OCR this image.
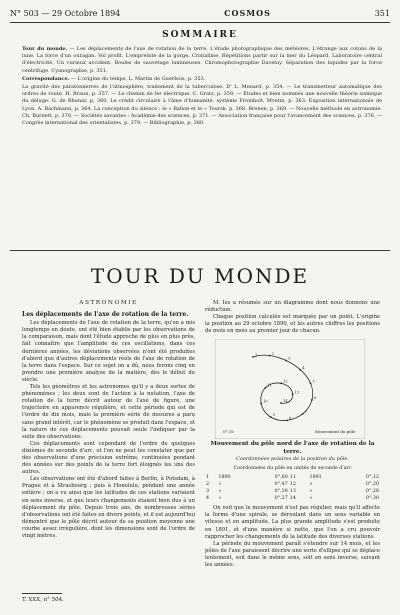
N° 503 — 29 Octobre 1894	COSMOS	351
SOMMAIRE

Tour du monde. — Les déplacements de l'axe de rotation de la terre. L'étude photographique des météores. L'étrange aux cotons de la lune. La force d'un ouragan. Vol profit. L'empreinte de la gorge. Cristalline. Répétitions partir sur la mer du Léopard. Laboratoire central d'électricité. Un curieux accident. Boules de sauvetage lumineuses. Chromophotographie Daveluy. Séparation des liquides par la force centrifuge. Cyanographie, p. 351.

Correspondance. — L'origine du temps, L. Martin de Guerbois, p. 353.

La gravité des paratonnerres de l'atmosphère, traitement de la tuberculose. D' L. Menard, p. 354. — Le transmetteur automatique des ordres de route. H. Braun, p. 357. — Le chemin de fer électrique. C. Gratz, p. 359. — Études et bien nommés une nouvelle théorie sismique du déluge. G. de Rhenar, p. 360. Le crédit circulaire à l'âme d'humanité, système Fromholt, Mvetm, p. 363. Exposition internationale de Lyon. A. Bachmann, p. 364. La conception du silence : le « Ballon et le » Toursk. p. 368. Brenen, p. 369. — Nouvelle méthode en astronomie. Ch. Burnett, p. 370. — Sociétés savantes : Académie des sciences, p. 371. — Association française pour l'avancement des sciences, p. 376. — Congrès international des orientalistes, p. 379. — Bibliographie, p. 380.

TOUR DU MONDE
ASTRONOMIE
Les déplacements de l'axe de rotation de la terre.

Les déplacements de l'axe de rotation de la terre, qu'on a mis longtemps en doute, ont été bien établis par les observations de la comparaison, mais dont l'étude approche de plus en plus près, fait connaître que l'amplitude de ces oscillations, dans ces dernières années, les déviations observées n'ont été produites d'abord que d'autres déplacements réels de l'axe de rotation de la terre dans l'espace. Sur ce sujet on a dû, nous ferons cinq en prendre une première analyse de la matière, dès le début du siècle.

Tels les géomètres et les astronomes qu'il y a deux sortes de phénomènes ; les deux sont de l'action à la nutation, l'axe de rotation de la terre décrit autour de l'axe de figure, une trajectoire en apparence régulière, et cette période qui est de l'ordre de dix mois, mais la première série de mesures a paru sans grand intérêt, car le phénomène se produit dans l'espace, et la nature de ces déplacements pouvait seule l'indiquer par la suite des observations.

Ces déplacements sont cependant de l'ordre de quelques dixièmes de seconde d'arc, et l'on ne peut les constater que par des observations d'une précision extrême, continuées pendant des années sur des points de la terre fort éloignés les uns des autres.

Les observations ont été d'abord faites à Berlin, à Potsdam, à Prague et à Strasbourg ; puis à Honolulu, pendant une année entière ; on a vu ainsi que les latitudes de ces stations variaient en sens inverse, et que leurs changements étaient bien dus à un déplacement du pôle. Depuis trois ans, de nombreuses séries d'observations ont été faites en divers points, et il est aujourd'hui démontré que le pôle décrit autour de sa position moyenne une courbe assez irrégulière, dont les dimensions sont de l'ordre de vingt mètres.

M. Ies a résumés sur un diagramme dont nous donnons une réduction.

Chaque position calculée est marquée par un point. L'origine la position au 29 octobre 1890, et les autres chiffres les positions de mois en mois au premier jour de chacun.

1	2
3
4
5
6
7
8
9
10
11
12
13
14
Mouvement du pôle
0°,10
Mouvement du pôle nord de l'axe de rotation de la terre.
Coordonnées polaires de la position du pôle.
Coordonnées du pôle en unités de seconde d'arc
1	1890	0°,60	11	1891	0°,12
2	»	0°,47	12	»	0°,20
3	»	0°,38	13	»	0°,28
4	»	0°,27	14	»	0°,30

On voit que le mouvement n'est pas régulier, mais qu'il affecte la forme d'une spirale, se déroulant dans un sens variable en vitesse et en amplitude. La plus grande amplitude s'est produite en 1891, et d'une manière si nette, que l'on a cru pouvoir rapprocher les changements de la latitude des diverses stations.

La période du mouvement paraît s'étendre sur 14 mois, et les pôles de l'axe paraissent décrire une sorte d'ellipse qui se déplace lentement, soit dans le même sens, soit en sens inverse, suivant les années.

T. XXX, n° 504.
